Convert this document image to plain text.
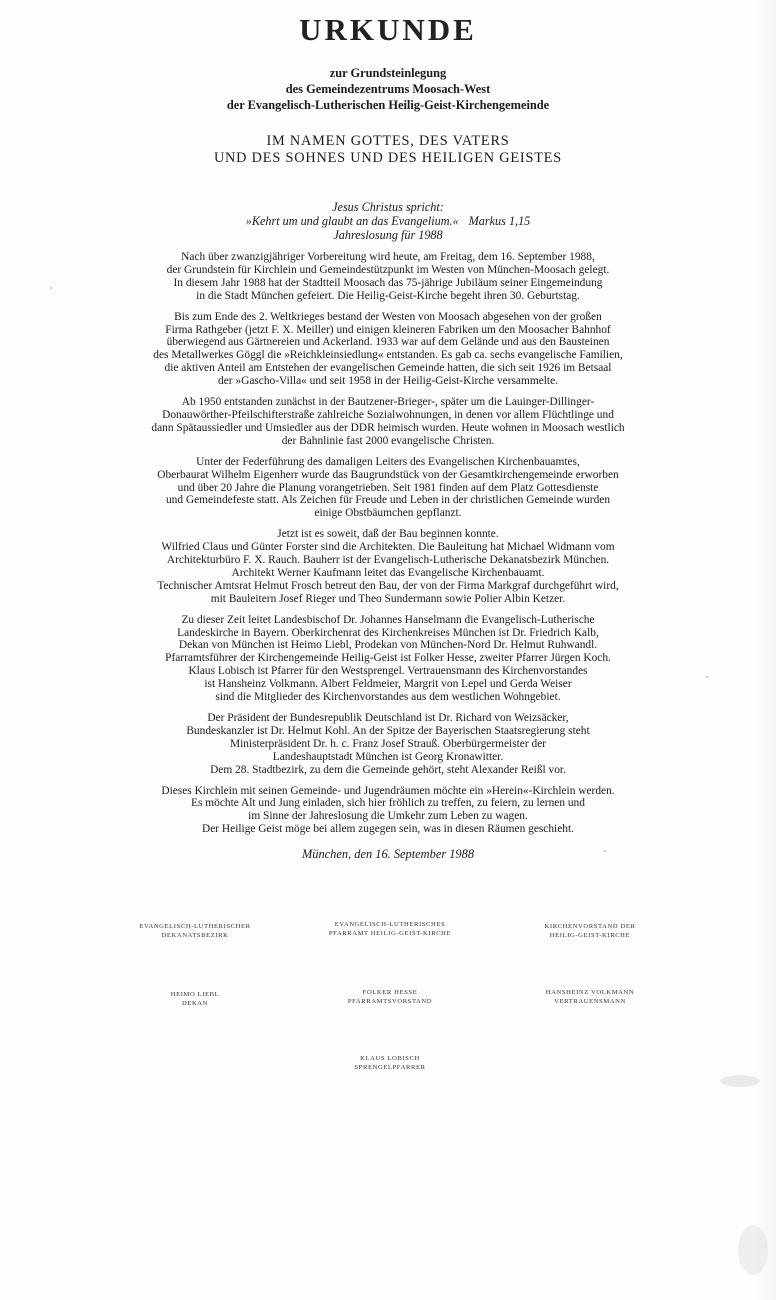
URKUNDE
zur Grundsteinlegung
des Gemeindezentrums Moosach-West
der Evangelisch-Lutherischen Heilig-Geist-Kirchengemeinde
IM NAMEN GOTTES, DES VATERS
UND DES SOHNES UND DES HEILIGEN GEISTES
Jesus Christus spricht:
»Kehrt um und glaubt an das Evangelium.« Markus 1,15
Jahreslosung für 1988

Nach über zwanzigjähriger Vorbereitung wird heute, am Freitag, dem 16. September 1988,
der Grundstein für Kirchlein und Gemeindestützpunkt im Westen von München-Moosach gelegt.
In diesem Jahr 1988 hat der Stadtteil Moosach das 75-jährige Jubiläum seiner Eingemeindung
in die Stadt München gefeiert. Die Heilig-Geist-Kirche begeht ihren 30. Geburtstag.

Bis zum Ende des 2. Weltkrieges bestand der Westen von Moosach abgesehen von der großen
Firma Rathgeber (jetzt F. X. Meiller) und einigen kleineren Fabriken um den Moosacher Bahnhof
überwiegend aus Gärtnereien und Ackerland. 1933 war auf dem Gelände und aus den Bausteinen
des Metallwerkes Göggl die »Reichkleinsiedlung« entstanden. Es gab ca. sechs evangelische Familien,
die aktiven Anteil am Entstehen der evangelischen Gemeinde hatten, die sich seit 1926 im Betsaal
der »Gascho-Villa« und seit 1958 in der Heilig-Geist-Kirche versammelte.

Ab 1950 entstanden zunächst in der Bautzener-Brieger-, später um die Lauinger-Dillinger-
Donauwörther-Pfeilschifterstraße zahlreiche Sozialwohnungen, in denen vor allem Flüchtlinge und
dann Spätaussiedler und Umsiedler aus der DDR heimisch wurden. Heute wohnen in Moosach westlich
der Bahnlinie fast 2000 evangelische Christen.

Unter der Federführung des damaligen Leiters des Evangelischen Kirchenbauamtes,
Oberbaurat Wilhelm Eigenherr wurde das Baugrundstück von der Gesamtkirchengemeinde erworben
und über 20 Jahre die Planung vorangetrieben. Seit 1981 finden auf dem Platz Gottesdienste
und Gemeindefeste statt. Als Zeichen für Freude und Leben in der christlichen Gemeinde wurden
einige Obstbäumchen gepflanzt.

Jetzt ist es soweit, daß der Bau beginnen konnte.
Wilfried Claus und Günter Forster sind die Architekten. Die Bauleitung hat Michael Widmann vom
Architekturbüro F. X. Rauch. Bauherr ist der Evangelisch-Lutherische Dekanatsbezirk München.
Architekt Werner Kaufmann leitet das Evangelische Kirchenbauamt.
Technischer Amtsrat Helmut Frosch betreut den Bau, der von der Firma Markgraf durchgeführt wird,
mit Bauleitern Josef Rieger und Theo Sundermann sowie Polier Albin Ketzer.

Zu dieser Zeit leitet Landesbischof Dr. Johannes Hanselmann die Evangelisch-Lutherische
Landeskirche in Bayern. Oberkirchenrat des Kirchenkreises München ist Dr. Friedrich Kalb,
Dekan von München ist Heimo Liebl, Prodekan von München-Nord Dr. Helmut Ruhwandl.
Pfarramtsführer der Kirchengemeinde Heilig-Geist ist Folker Hesse, zweiter Pfarrer Jürgen Koch.
Klaus Lobisch ist Pfarrer für den Westsprengel. Vertrauensmann des Kirchenvorstandes
ist Hansheinz Volkmann. Albert Feldmeier, Margrit von Lepel und Gerda Weiser
sind die Mitglieder des Kirchenvorstandes aus dem westlichen Wohngebiet.

Der Präsident der Bundesrepublik Deutschland ist Dr. Richard von Weizsäcker,
Bundeskanzler ist Dr. Helmut Kohl. An der Spitze der Bayerischen Staatsregierung steht
Ministerpräsident Dr. h. c. Franz Josef Strauß. Oberbürgermeister der
Landeshauptstadt München ist Georg Kronawitter.
Dem 28. Stadtbezirk, zu dem die Gemeinde gehört, steht Alexander Reißl vor.

Dieses Kirchlein mit seinen Gemeinde- und Jugendräumen möchte ein »Herein«-Kirchlein werden.
Es möchte Alt und Jung einladen, sich hier fröhlich zu treffen, zu feiern, zu lernen und
im Sinne der Jahreslosung die Umkehr zum Leben zu wagen.
Der Heilige Geist möge bei allem zugegen sein, was in diesen Räumen geschieht.

München, den 16. September 1988
EVANGELISCH-LUTHERISCHER
DEKANATSBEZIRK
EVANGELISCH-LUTHERISCHES
PFARRAMT HEILIG-GEIST-KIRCHE
KIRCHENVORSTAND DER
HEILIG-GEIST-KIRCHE
HEIMO LIEBL
DEKAN
FOLKER HESSE
PFARRAMTSVORSTAND
HANSHEINZ VOLKMANN
VERTRAUENSMANN
KLAUS LOBISCH
SPRENGELPFARRER
